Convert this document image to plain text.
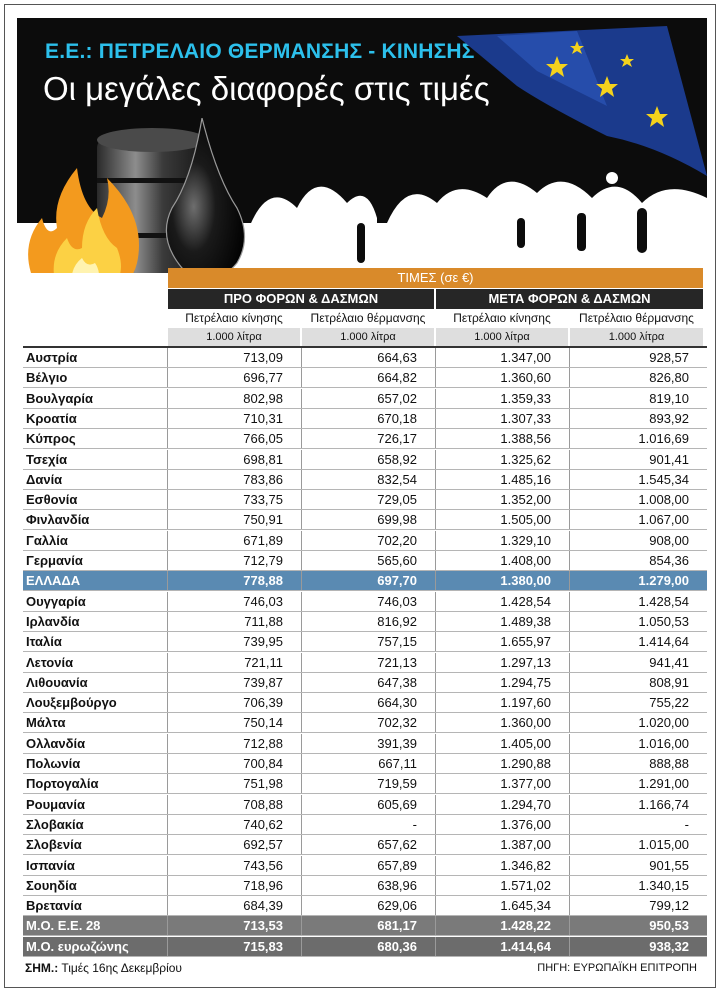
Ε.Ε.: ΠΕΤΡΕΛΑΙΟ ΘΕΡΜΑΝΣΗΣ - ΚΙΝΗΣΗΣ
Οι μεγάλες διαφορές στις τιμές
ΤΙΜΕΣ (σε €)
ΠΡΟ ΦΟΡΩΝ & ΔΑΣΜΩΝ	ΜΕΤΑ ΦΟΡΩΝ & ΔΑΣΜΩΝ
Πετρέλαιο κίνησης	Πετρέλαιο θέρμανσης	Πετρέλαιο κίνησης	Πετρέλαιο θέρμανσης
1.000 λίτρα	1.000 λίτρα	1.000 λίτρα	1.000 λίτρα
Αυστρία	713,09	664,63	1.347,00	928,57
Βέλγιο	696,77	664,82	1.360,60	826,80
Βουλγαρία	802,98	657,02	1.359,33	819,10
Κροατία	710,31	670,18	1.307,33	893,92
Κύπρος	766,05	726,17	1.388,56	1.016,69
Τσεχία	698,81	658,92	1.325,62	901,41
Δανία	783,86	832,54	1.485,16	1.545,34
Εσθονία	733,75	729,05	1.352,00	1.008,00
Φινλανδία	750,91	699,98	1.505,00	1.067,00
Γαλλία	671,89	702,20	1.329,10	908,00
Γερμανία	712,79	565,60	1.408,00	854,36
ΕΛΛΑΔΑ	778,88	697,70	1.380,00	1.279,00
Ουγγαρία	746,03	746,03	1.428,54	1.428,54
Ιρλανδία	711,88	816,92	1.489,38	1.050,53
Ιταλία	739,95	757,15	1.655,97	1.414,64
Λετονία	721,11	721,13	1.297,13	941,41
Λιθουανία	739,87	647,38	1.294,75	808,91
Λουξεμβούργο	706,39	664,30	1.197,60	755,22
Μάλτα	750,14	702,32	1.360,00	1.020,00
Ολλανδία	712,88	391,39	1.405,00	1.016,00
Πολωνία	700,84	667,11	1.290,88	888,88
Πορτογαλία	751,98	719,59	1.377,00	1.291,00
Ρουμανία	708,88	605,69	1.294,70	1.166,74
Σλοβακία	740,62	-	1.376,00	-
Σλοβενία	692,57	657,62	1.387,00	1.015,00
Ισπανία	743,56	657,89	1.346,82	901,55
Σουηδία	718,96	638,96	1.571,02	1.340,15
Βρετανία	684,39	629,06	1.645,34	799,12
Μ.Ο. Ε.Ε. 28	713,53	681,17	1.428,22	950,53
Μ.Ο. ευρωζώνης	715,83	680,36	1.414,64	938,32
ΣΗΜ.: Τιμές 16ης Δεκεμβρίου	ΠΗΓΗ: ΕΥΡΩΠΑΪΚΗ ΕΠΙΤΡΟΠΗ
